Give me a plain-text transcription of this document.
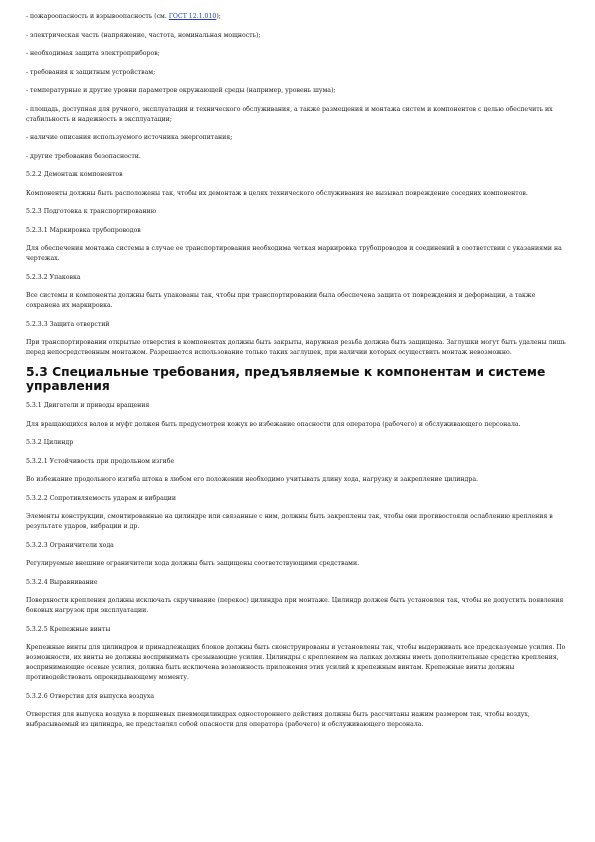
- пожароопасность и взрывоопасность (см. ГОСТ 12.1.010);

- электрическая часть (напряжение, частота, номинальная мощность);

- необходимая защита электроприборов;

- требования к защитным устройствам;

- температурные и другие уровни параметров окружающей среды (например, уровень шума);

- площадь, доступная для ручного, эксплуатации и технического обслуживания, а также размещения и монтажа систем и компонентов с целью обеспечить их стабильность и надежность в эксплуатации;

- наличие описания используемого источника энергопитания;

- другие требования безопасности.

5.2.2 Демонтаж компонентов

Компоненты должны быть расположены так, чтобы их демонтаж в целях технического обслуживания не вызывал повреждение соседних компонентов.

5.2.3 Подготовка к транспортированию

5.2.3.1 Маркировка трубопроводов

Для обеспечения монтажа системы в случае ее транспортирования необходима четкая маркировка трубопроводов и соединений в соответствии с указаниями на чертежах.

5.2.3.2 Упаковка

Все системы и компоненты должны быть упакованы так, чтобы при транспортировании была обеспечена защита от повреждения и деформации, а также сохранена их маркировка.

5.2.3.3 Защита отверстий

При транспортировании открытые отверстия в компонентах должны быть закрыты, наружная резьба должна быть защищена. Заглушки могут быть удалены лишь перед непосредственным монтажом. Разрешается использование только таких заглушек, при наличии которых осуществить монтаж невозможно.

5.3 Специальные требования, предъявляемые к компонентам и системе управления

5.3.1 Двигатели и приводы вращения

Для вращающихся валов и муфт должен быть предусмотрен кожух во избежание опасности для оператора (рабочего) и обслуживающего персонала.

5.3.2 Цилиндр

5.3.2.1 Устойчивость при продольном изгибе

Во избежание продольного изгиба штока в любом его положении необходимо учитывать длину хода, нагрузку и закрепление цилиндра.

5.3.2.2 Сопротивляемость ударам и вибрации

Элементы конструкции, смонтированные на цилиндре или связанные с ним, должны быть закреплены так, чтобы они противостояли ослаблению крепления в результате ударов, вибрации и др.

5.3.2.3 Ограничители хода

Регулируемые внешние ограничители хода должны быть защищены соответствующими средствами.

5.3.2.4 Выравнивание

Поверхности крепления должны исключать скручивание (перекос) цилиндра при монтаже. Цилиндр должен быть установлен так, чтобы не допустить появления боковых нагрузок при эксплуатации.

5.3.2.5 Крепежные винты

Крепежные винты для цилиндров и принадлежащих блоков должны быть сконструированы и установлены так, чтобы выдерживать все предсказуемые усилия. По возможности, их винты не должны воспринимать срезывающие усилия. Цилиндры с креплением на лапках должны иметь дополнительные средства крепления, воспринимающие осевые усилия, должна быть исключена возможность приложения этих усилий к крепежным винтам. Крепежные винты должны противодействовать опрокидывающему моменту.

5.3.2.6 Отверстия для выпуска воздуха

Отверстия для выпуска воздуха в поршневых пневмоцилиндрах одностороннего действия должны быть рассчитаны нажим размером так, чтобы воздух, выбрасываемый из цилиндра, не представлял собой опасности для оператора (рабочего) и обслуживающего персонала.
